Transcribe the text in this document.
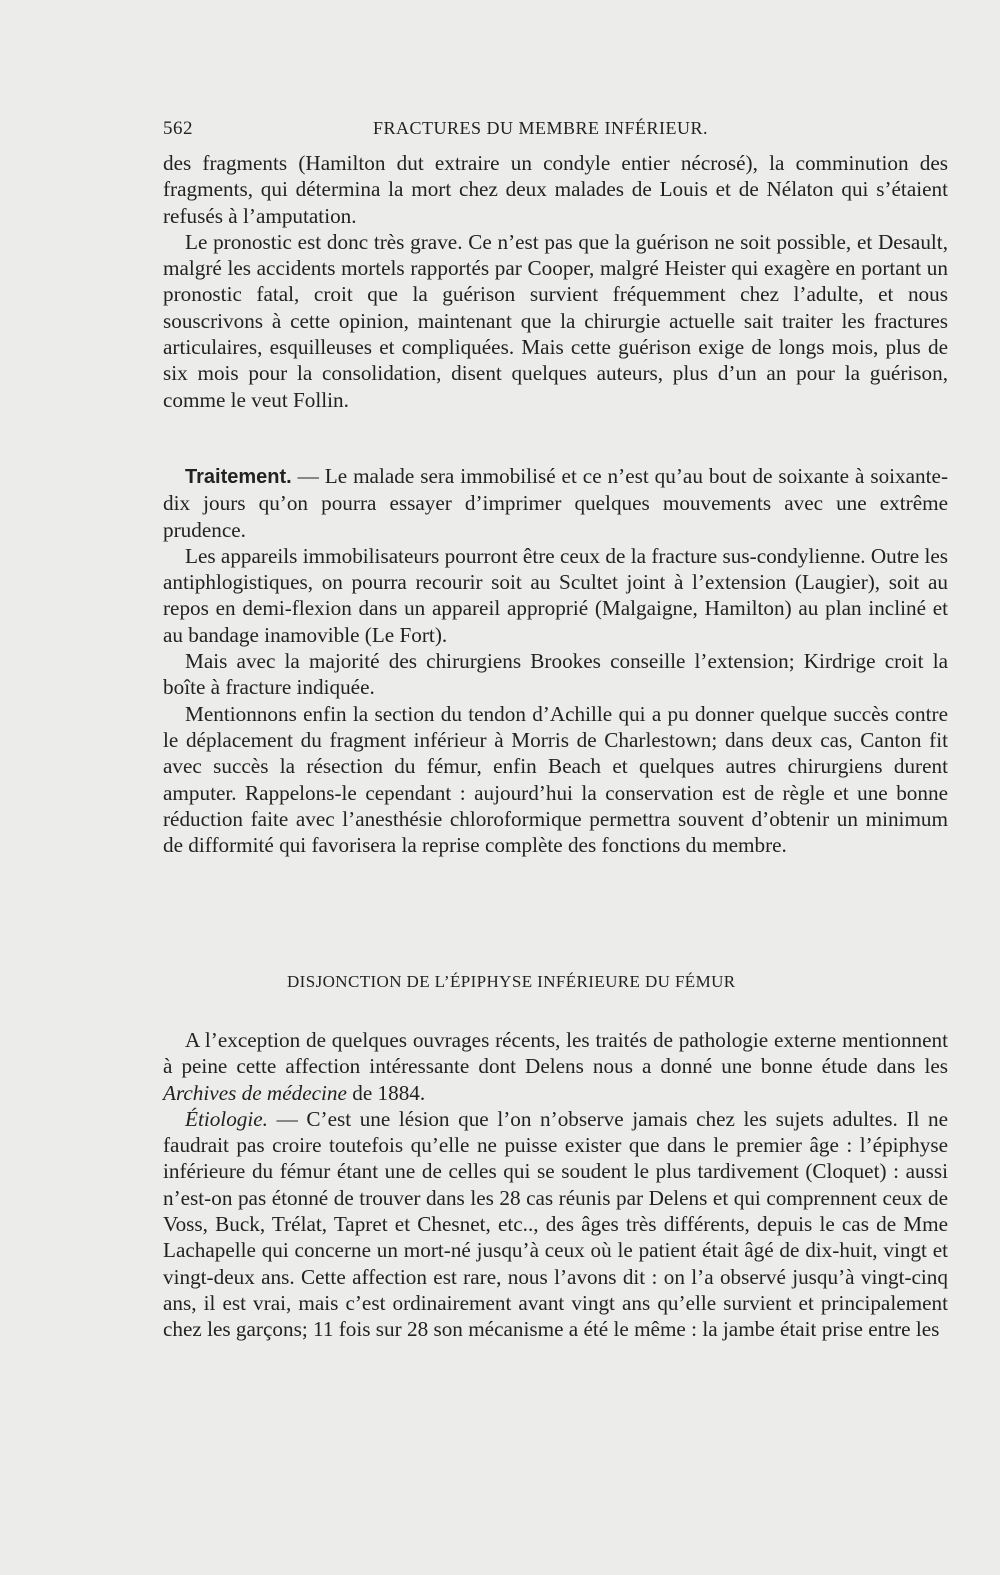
562	FRACTURES DU MEMBRE INFÉRIEUR.

des fragments (Hamilton dut extraire un condyle entier nécrosé), la comminution des fragments, qui détermina la mort chez deux malades de Louis et de Nélaton qui s’étaient refusés à l’amputation.

Le pronostic est donc très grave. Ce n’est pas que la guérison ne soit possible, et Desault, malgré les accidents mortels rapportés par Cooper, malgré Heister qui exagère en portant un pronostic fatal, croit que la guérison survient fréquemment chez l’adulte, et nous souscrivons à cette opinion, maintenant que la chirurgie actuelle sait traiter les fractures articulaires, esquilleuses et compliquées. Mais cette guérison exige de longs mois, plus de six mois pour la consolidation, disent quelques auteurs, plus d’un an pour la guérison, comme le veut Follin.

Traitement. — Le malade sera immobilisé et ce n’est qu’au bout de soixante à soixante-dix jours qu’on pourra essayer d’imprimer quelques mouvements avec une extrême prudence.

Les appareils immobilisateurs pourront être ceux de la fracture sus-condylienne. Outre les antiphlogistiques, on pourra recourir soit au Scultet joint à l’extension (Laugier), soit au repos en demi-flexion dans un appareil approprié (Malgaigne, Hamilton) au plan incliné et au bandage inamovible (Le Fort).

Mais avec la majorité des chirurgiens Brookes conseille l’extension; Kirdrige croit la boîte à fracture indiquée.

Mentionnons enfin la section du tendon d’Achille qui a pu donner quelque succès contre le déplacement du fragment inférieur à Morris de Charlestown; dans deux cas, Canton fit avec succès la résection du fémur, enfin Beach et quelques autres chirurgiens durent amputer. Rappelons-le cependant : aujourd’hui la conservation est de règle et une bonne réduction faite avec l’anesthésie chloroformique permettra souvent d’obtenir un minimum de difformité qui favorisera la reprise complète des fonctions du membre.

DISJONCTION DE L’ÉPIPHYSE INFÉRIEURE DU FÉMUR

A l’exception de quelques ouvrages récents, les traités de pathologie externe mentionnent à peine cette affection intéressante dont Delens nous a donné une bonne étude dans les Archives de médecine de 1884.

Étiologie. — C’est une lésion que l’on n’observe jamais chez les sujets adultes. Il ne faudrait pas croire toutefois qu’elle ne puisse exister que dans le premier âge : l’épiphyse inférieure du fémur étant une de celles qui se soudent le plus tardivement (Cloquet) : aussi n’est-on pas étonné de trouver dans les 28 cas réunis par Delens et qui comprennent ceux de Voss, Buck, Trélat, Tapret et Chesnet, etc.., des âges très différents, depuis le cas de Mme Lachapelle qui concerne un mort-né jusqu’à ceux où le patient était âgé de dix-huit, vingt et vingt-deux ans. Cette affection est rare, nous l’avons dit : on l’a observé jusqu’à vingt-cinq ans, il est vrai, mais c’est ordinairement avant vingt ans qu’elle survient et principalement chez les garçons; 11 fois sur 28 son mécanisme a été le même : la jambe était prise entre les
